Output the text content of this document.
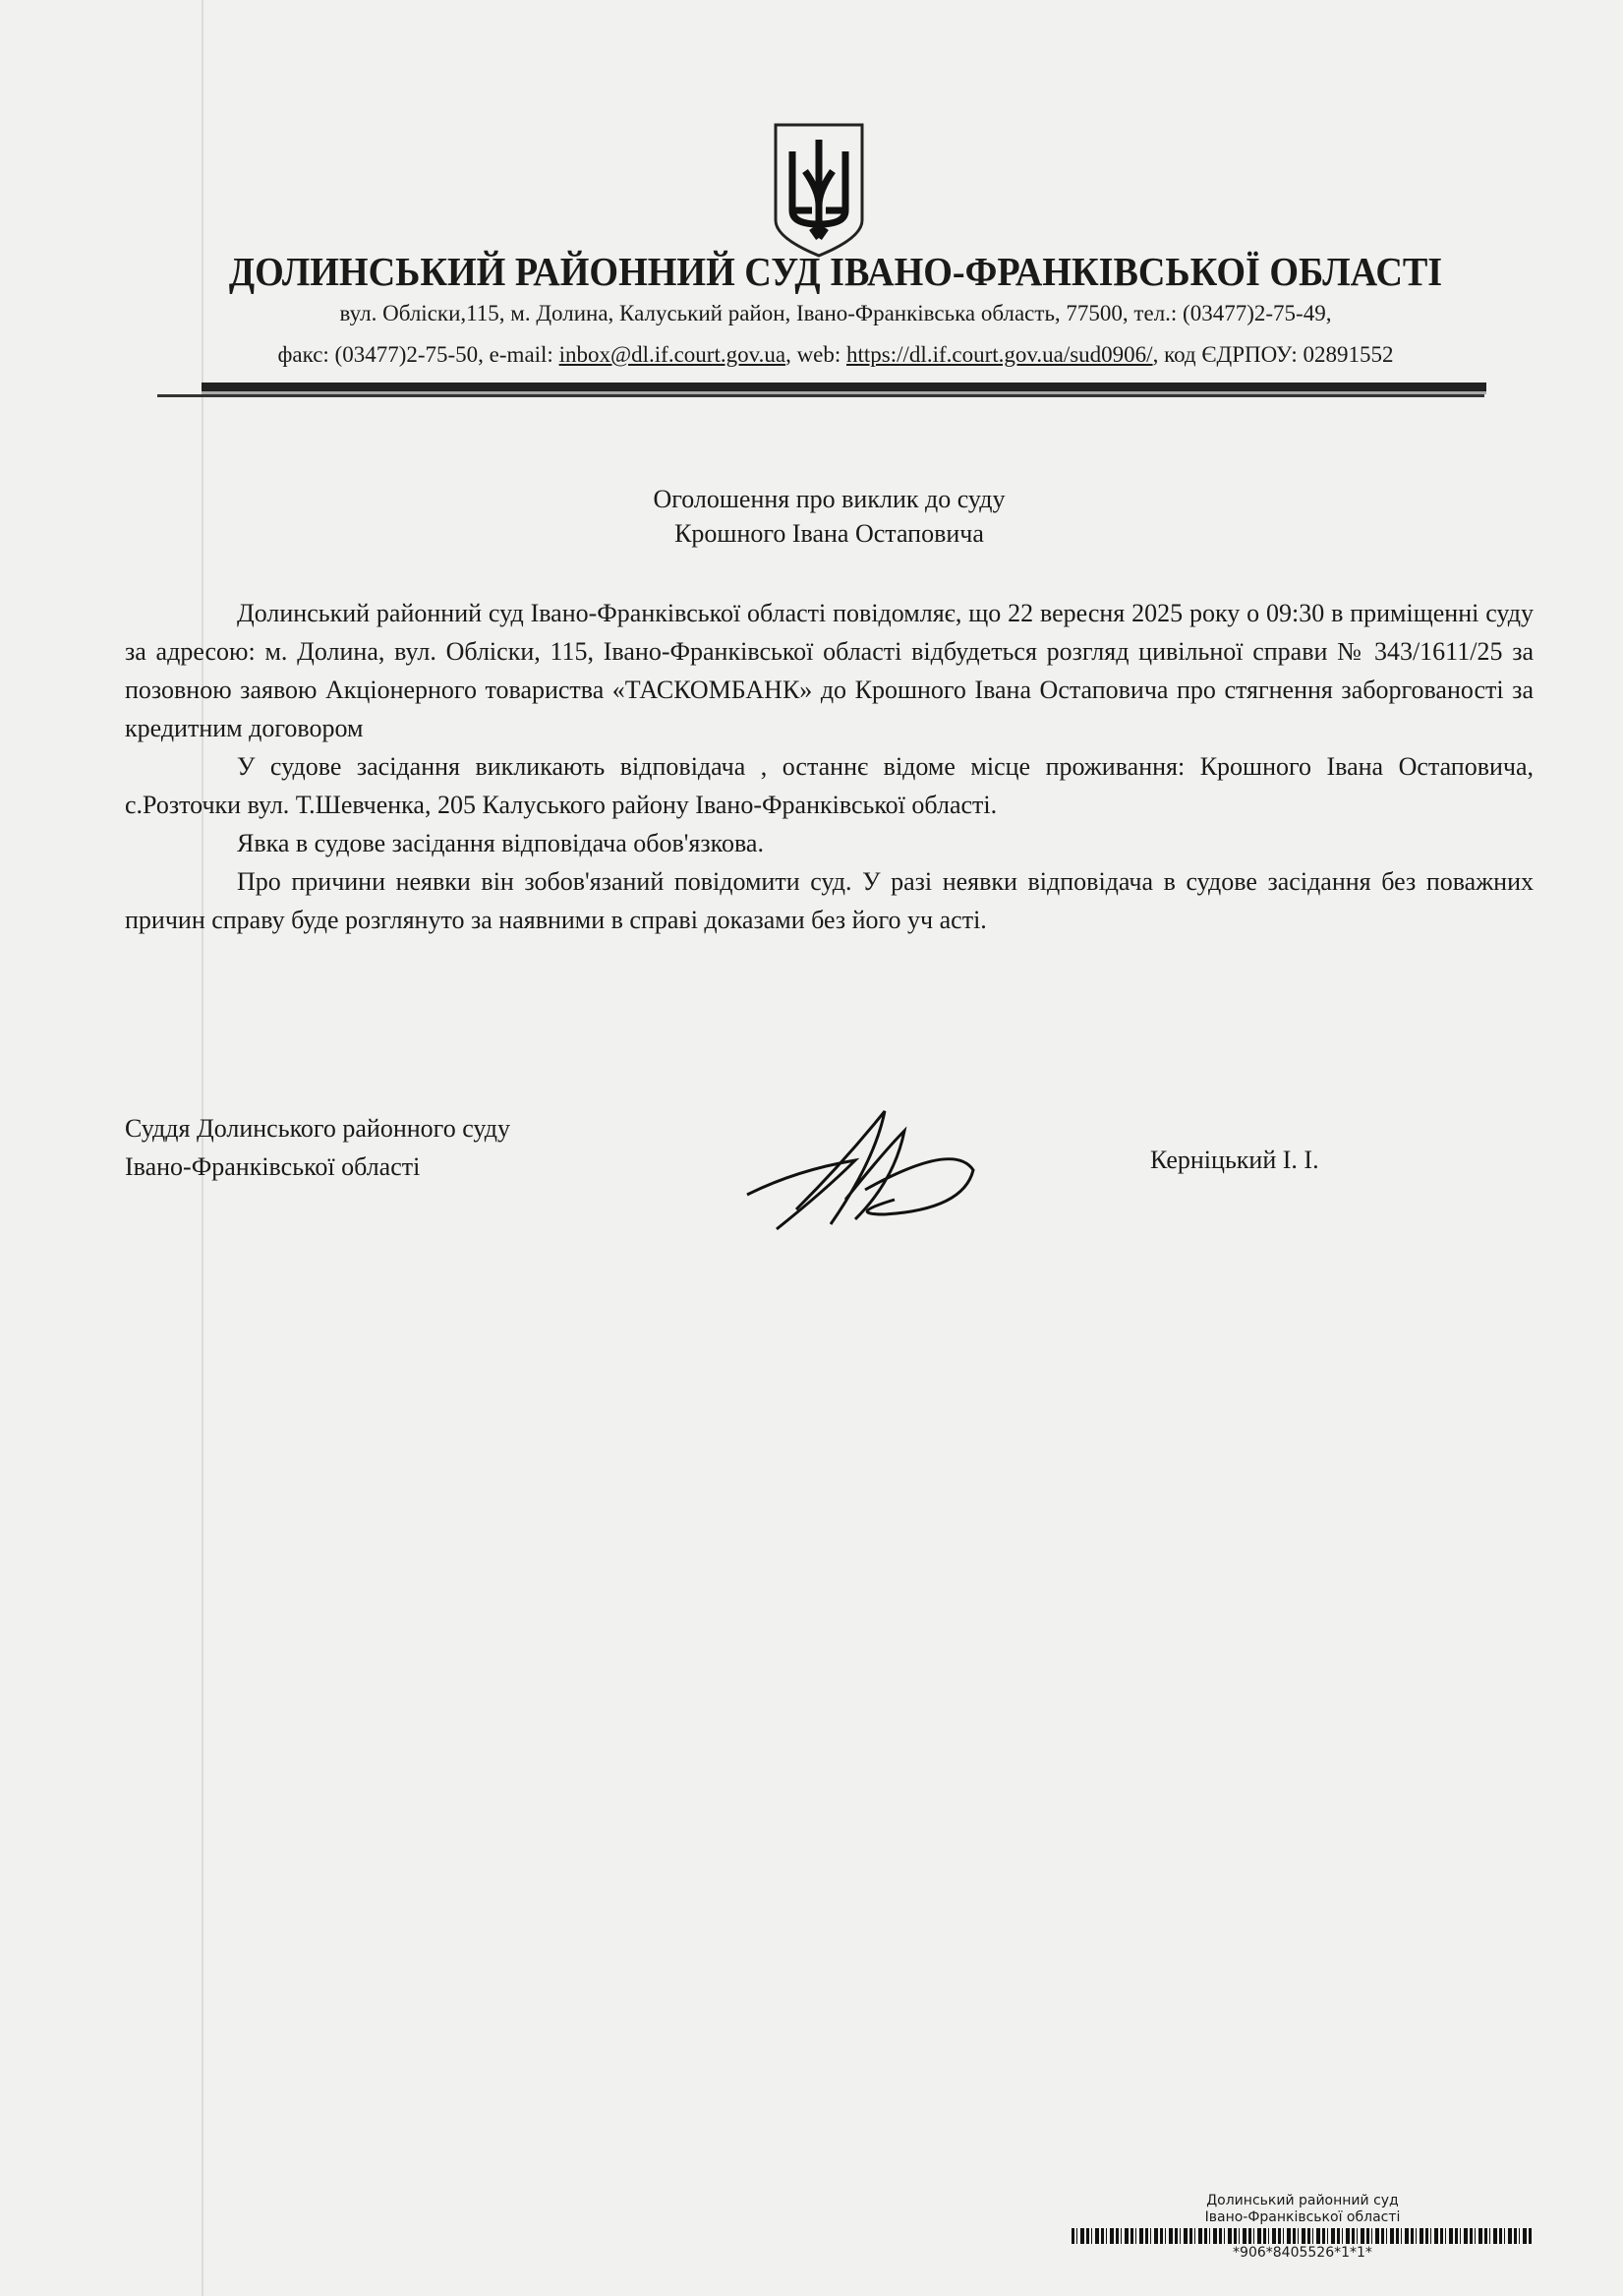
ДОЛИНСЬКИЙ РАЙОННИЙ СУД ІВАНО-ФРАНКІВСЬКОЇ ОБЛАСТІ
вул. Обліски,115, м. Долина, Калуський район, Івано-Франківська область, 77500, тел.: (03477)2-75-49,
факс: (03477)2-75-50, e-mail: inbox@dl.if.court.gov.ua, web: https://dl.if.court.gov.ua/sud0906/, код ЄДРПОУ: 02891552
Оголошення про виклик до суду
Крошного Івана Остаповича

Долинський районний суд Івано-Франківської області повідомляє, що 22 вересня 2025 року о 09:30 в приміщенні суду за адресою: м. Долина, вул. Обліски, 115, Івано-Франківської області відбудеться розгляд цивільної справи № 343/1611/25 за позовною заявою Акціонерного товариства «ТАСКОМБАНК» до Крошного Івана Остаповича про стягнення заборгованості за кредитним договором

У судове засідання викликають відповідача , останнє відоме місце проживання: Крошного Івана Остаповича, с.Розточки вул. Т.Шевченка, 205 Калуського району Івано-Франківської області.

Явка в судове засідання відповідача обов'язкова.

Про причини неявки він зобов'язаний повідомити суд. У разі неявки відповідача в судове засідання без поважних причин справу буде розглянуто за наявними в справі доказами без його уч асті.

Суддя Долинського районного суду
Івано-Франківської області	Керніцький І. І.
Долинський районний суд
Івано-Франківської області
*906*8405526*1*1*
